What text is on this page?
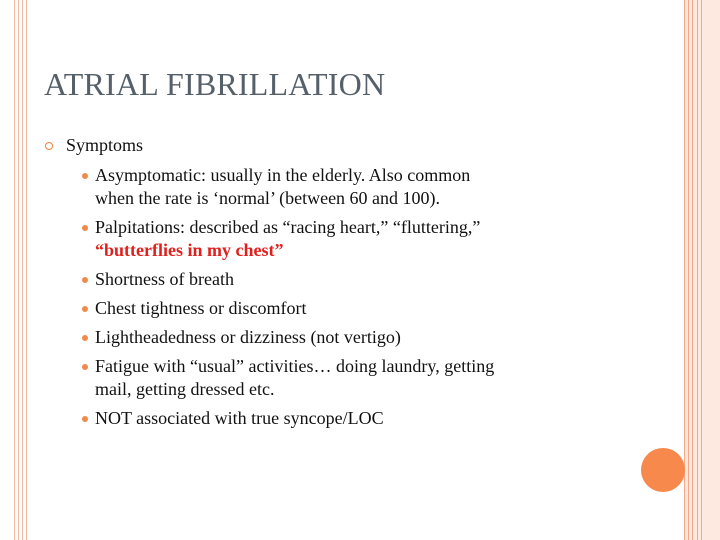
ATRIAL FIBRILLATION
Symptoms
Asymptomatic: usually in the elderly. Also common
when the rate is ‘normal’ (between 60 and 100).
Palpitations: described as “racing heart,” “fluttering,”
“butterflies in my chest”
Shortness of breath
Chest tightness or discomfort
Lightheadedness or dizziness (not vertigo)
Fatigue with “usual” activities… doing laundry, getting
mail, getting dressed etc.
NOT associated with true syncope/LOC
